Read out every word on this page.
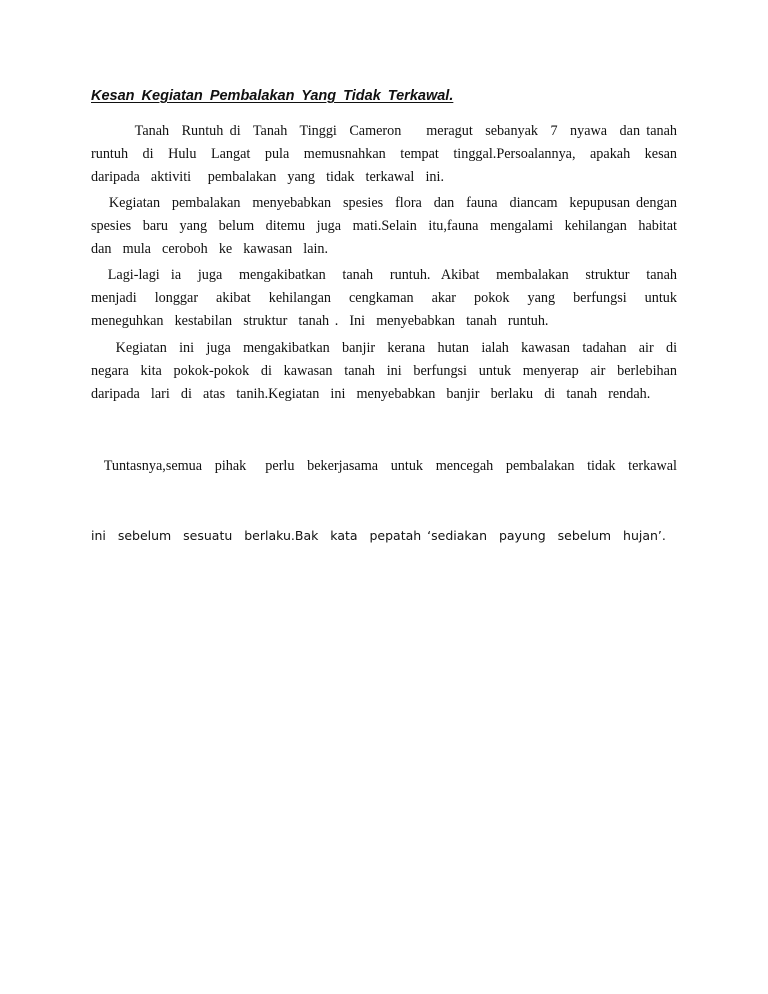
Kesan Kegiatan Pembalakan Yang Tidak Terkawal.
Tanah  Runtuh di  Tanah  Tinggi  Cameron    meragut  sebanyak  7  nyawa  dan tanah runtuh  di  Hulu  Langat  pula  memusnahkan  tempat  tinggal.Persoalannya,  apakah  kesan daripada  aktiviti   pembalakan  yang  tidak  terkawal  ini.
Kegiatan  pembalakan  menyebabkan  spesies  flora  dan  fauna  diancam  kepupusan dengan spesies  baru  yang  belum  ditemu  juga  mati.Selain  itu,fauna  mengalami  kehilangan  habitat dan  mula  ceroboh  ke  kawasan  lain.
Lagi-lagi  ia   juga   mengakibatkan   tanah   runtuh.  Akibat   membalakan   struktur   tanah menjadi   longgar   akibat   kehilangan   cengkaman   akar   pokok   yang   berfungsi   untuk meneguhkan  kestabilan  struktur  tanah .  Ini  menyebabkan  tanah  runtuh.
Kegiatan  ini  juga  mengakibatkan  banjir  kerana  hutan  ialah  kawasan  tadahan  air  di negara  kita  pokok-pokok  di  kawasan  tanah  ini  berfungsi  untuk  menyerap  air  berlebihan daripada  lari  di  atas  tanih.Kegiatan  ini  menyebabkan  banjir  berlaku  di  tanah  rendah.

Tuntasnya,semua  pihak   perlu  bekerjasama  untuk  mencegah  pembalakan  tidak  terkawal

ini  sebelum  sesuatu  berlaku.Bak  kata  pepatah ‘sediakan  payung  sebelum  hujan’.
